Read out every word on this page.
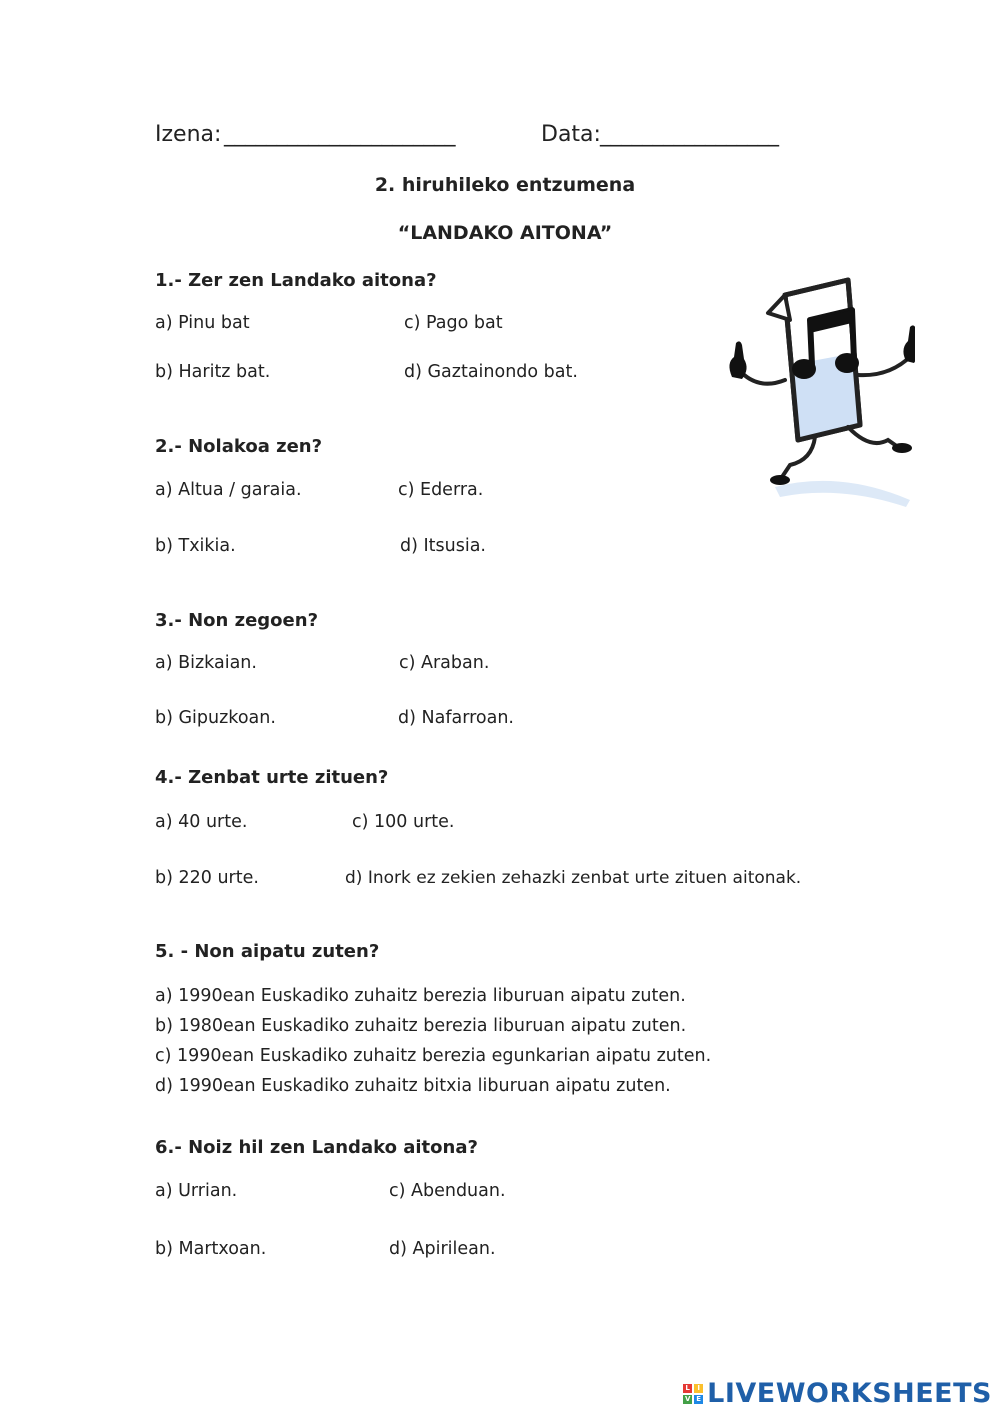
Izena: ______________________	Data: _________________
2. hiruhileko entzumena
“LANDAKO AITONA”
1.- Zer zen Landako aitona?
a) Pinu bat	c) Pago bat
b) Haritz bat.	d) Gaztainondo bat.
2.- Nolakoa zen?
a) Altua / garaia.	c) Ederra.
b) Txikia.	d) Itsusia.
3.- Non zegoen?
a) Bizkaian.	c) Araban.
b) Gipuzkoan.	d) Nafarroan.
4.- Zenbat urte zituen?
a) 40 urte.	c) 100 urte.
b) 220 urte.	d) Inork ez zekien zehazki zenbat urte zituen aitonak.
5. - Non aipatu zuten?
a) 1990ean Euskadiko zuhaitz berezia liburuan aipatu zuten.
b) 1980ean Euskadiko zuhaitz berezia liburuan aipatu zuten.
c) 1990ean Euskadiko zuhaitz berezia egunkarian aipatu zuten.
d) 1990ean Euskadiko zuhaitz bitxia liburuan aipatu zuten.
6.- Noiz hil zen Landako aitona?
a) Urrian.	c) Abenduan.
b) Martxoan.	d) Apirilean.
L	I
V E LIVEWORKSHEETS
